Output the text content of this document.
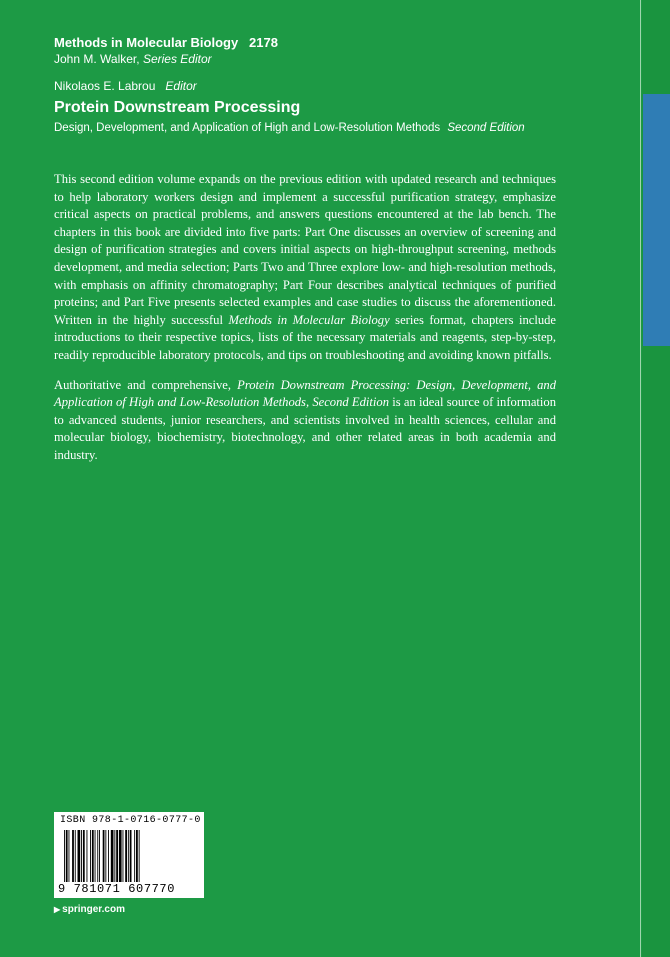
Methods in Molecular Biology 2178
John M. Walker, Series Editor
Nikolaos E. Labrou Editor
Protein Downstream Processing
Design, Development, and Application of High and Low-Resolution Methods Second Edition

This second edition volume expands on the previous edition with updated research and techniques to help laboratory workers design and implement a successful purification strategy, emphasize critical aspects on practical problems, and answers questions encountered at the lab bench. The chapters in this book are divided into five parts: Part One discusses an overview of screening and design of purification strategies and covers initial aspects on high-throughput screening, methods development, and media selection; Parts Two and Three explore low- and high-resolution methods, with emphasis on affinity chromatography; Part Four describes analytical techniques of purified proteins; and Part Five presents selected examples and case studies to discuss the aforementioned. Written in the highly successful Methods in Molecular Biology series format, chapters include introductions to their respective topics, lists of the necessary materials and reagents, step-by-step, readily reproducible laboratory protocols, and tips on troubleshooting and avoiding known pitfalls.

Authoritative and comprehensive, Protein Downstream Processing: Design, Development, and Application of High and Low-Resolution Methods, Second Edition is an ideal source of information to advanced students, junior researchers, and scientists involved in health sciences, cellular and molecular biology, biochemistry, biotechnology, and other related areas in both academia and industry.

ISBN 978-1-0716-0777-0
9 781071 607770
▶ springer.com
